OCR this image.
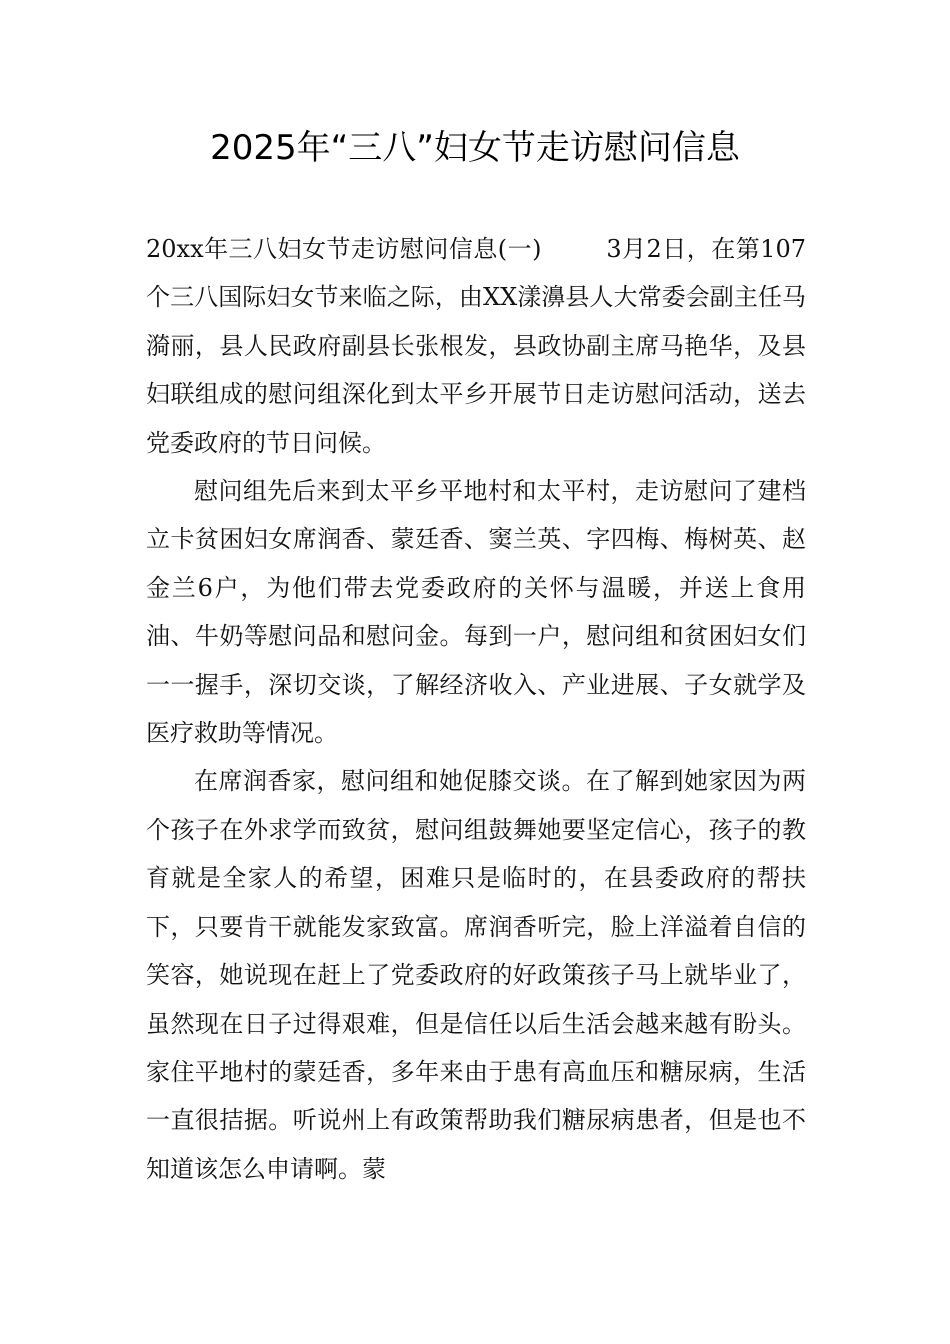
2025年“三八”妇女节走访慰问信息

20xx年三八妇女节走访慰问信息(一)	3月2日，在第107个三八国际妇女节来临之际，由XX漾濞县人大常委会副主任马漪丽，县人民政府副县长张根发，县政协副主席马艳华，及县妇联组成的慰问组深化到太平乡开展节日走访慰问活动，送去党委政府的节日问候。

慰问组先后来到太平乡平地村和太平村，走访慰问了建档立卡贫困妇女席润香、蒙廷香、窦兰英、字四梅、梅树英、赵金兰6户，为他们带去党委政府的关怀与温暖，并送上食用油、牛奶等慰问品和慰问金。每到一户，慰问组和贫困妇女们一一握手，深切交谈，了解经济收入、产业进展、子女就学及医疗救助等情况。

在席润香家，慰问组和她促膝交谈。在了解到她家因为两个孩子在外求学而致贫，慰问组鼓舞她要坚定信心，孩子的教育就是全家人的希望，困难只是临时的，在县委政府的帮扶下，只要肯干就能发家致富。席润香听完，脸上洋溢着自信的笑容，她说现在赶上了党委政府的好政策孩子马上就毕业了，虽然现在日子过得艰难，但是信任以后生活会越来越有盼头。家住平地村的蒙廷香，多年来由于患有高血压和糖尿病，生活一直很拮据。听说州上有政策帮助我们糖尿病患者，但是也不知道该怎么申请啊。蒙
